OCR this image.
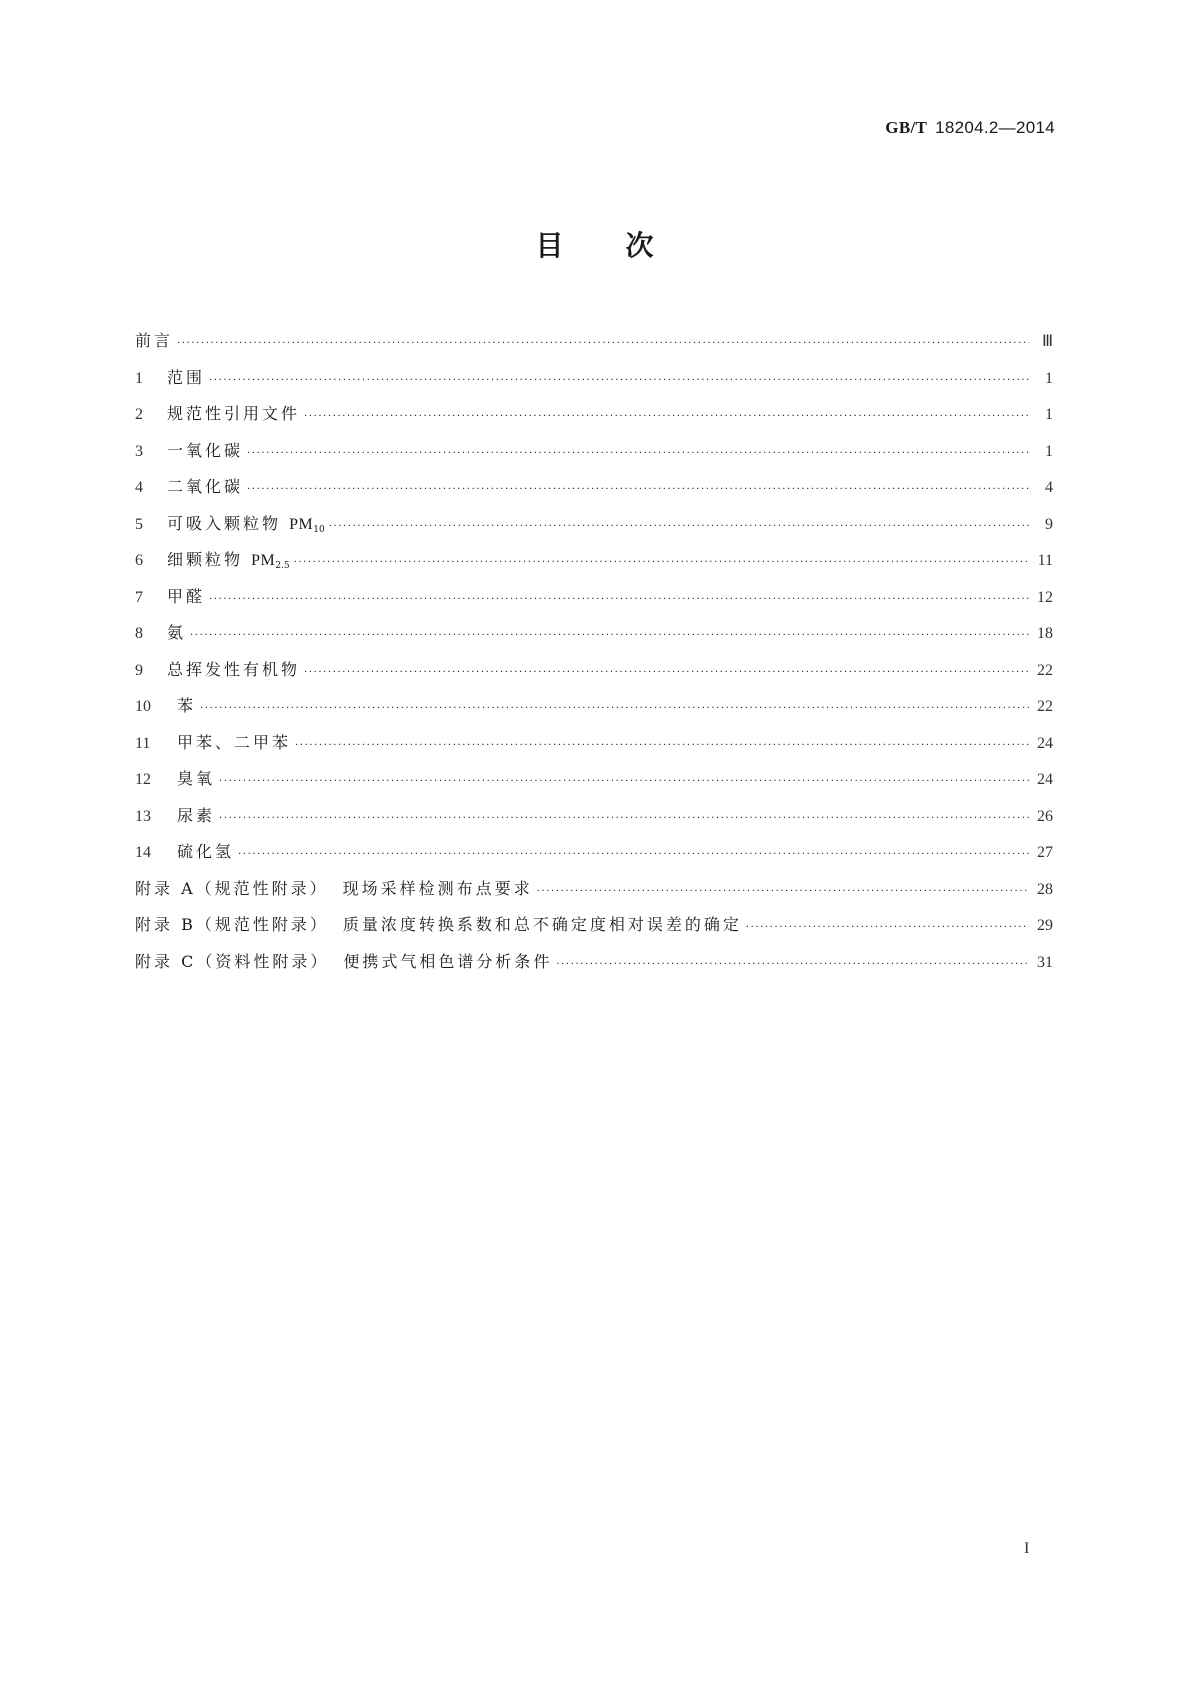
GB/T 18204.2—2014
目 次
前言 ·····	Ⅲ
1	范围 ·····	1
2	规范性引用文件 ·····	1
3	一氧化碳 ·····	1
4	二氧化碳 ·····	4
5	可吸入颗粒物 $PM_{10}$ ·····	9
6	细颗粒物 $PM_{2.5}$ ·····	11
7	甲醛 ·····	12
8	氨 ·····	18
9	总挥发性有机物 ·····	22
10	苯 ·····	22
11	甲苯、二甲苯 ·····	24
12	臭氧 ·····	24
13	尿素 ·····	26
14	硫化氢 ·····	27
附录 A（规范性附录） 现场采样检测布点要求 ·····	28
附录 B（规范性附录） 质量浓度转换系数和总不确定度相对误差的确定 ·····	29
附录 C（资料性附录） 便携式气相色谱分析条件 ·····	31
I
